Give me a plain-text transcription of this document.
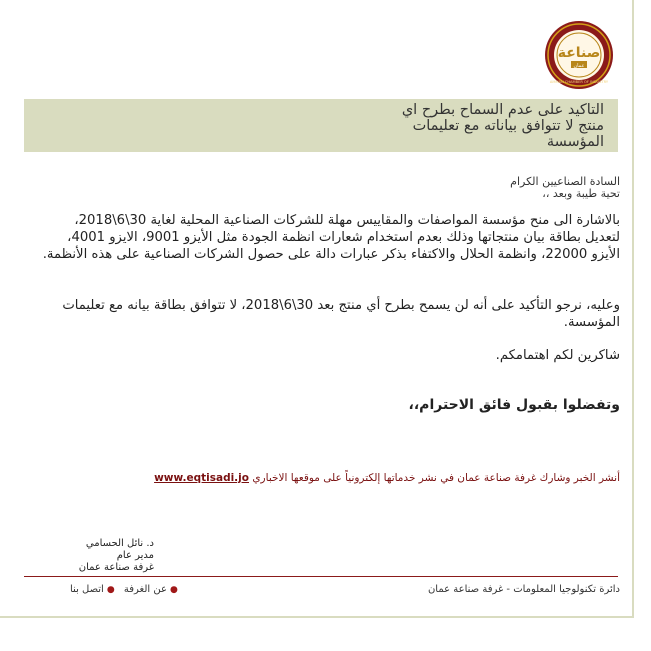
صناعة
عمان
AMMAN CHAMBER OF INDUSTRY
التاكيد على عدم السماح بطرح اي
منتج لا تتوافق بياناته مع تعليمات
المؤسسة
السادة الصناعيين الكرام
تحية طيبة وبعد ،،

بالاشارة الى منح مؤسسة المواصفات والمقاييس مهلة للشركات الصناعية المحلية لغاية 30\6\2018، لتعديل بطاقة بيان منتجاتها وذلك بعدم استخدام شعارات انظمة الجودة مثل الأيزو 9001، الايزو 4001، الأيزو 22000، وانظمة الحلال والاكتفاء بذكر عبارات دالة على حصول الشركات الصناعية على هذه الأنظمة.

وعليه، نرجو التأكيد على أنه لن يسمح بطرح أي منتج بعد 30\6\2018، لا تتوافق بطاقة بيانه مع تعليمات المؤسسة.

شاكرين لكم اهتمامكم.

وتفضلوا بقبول فائق الاحترام،،
أنشر الخبر وشارك غرفة صناعة عمان في نشر خدماتها إلكترونياً على موقعها الاخباري www.eqtisadi.jo
د. نائل الحسامي
مدير عام
غرفة صناعة عمان
دائرة تكنولوجيا المعلومات - غرفة صناعة عمان
●عن الغرفة ●اتصل بنا
